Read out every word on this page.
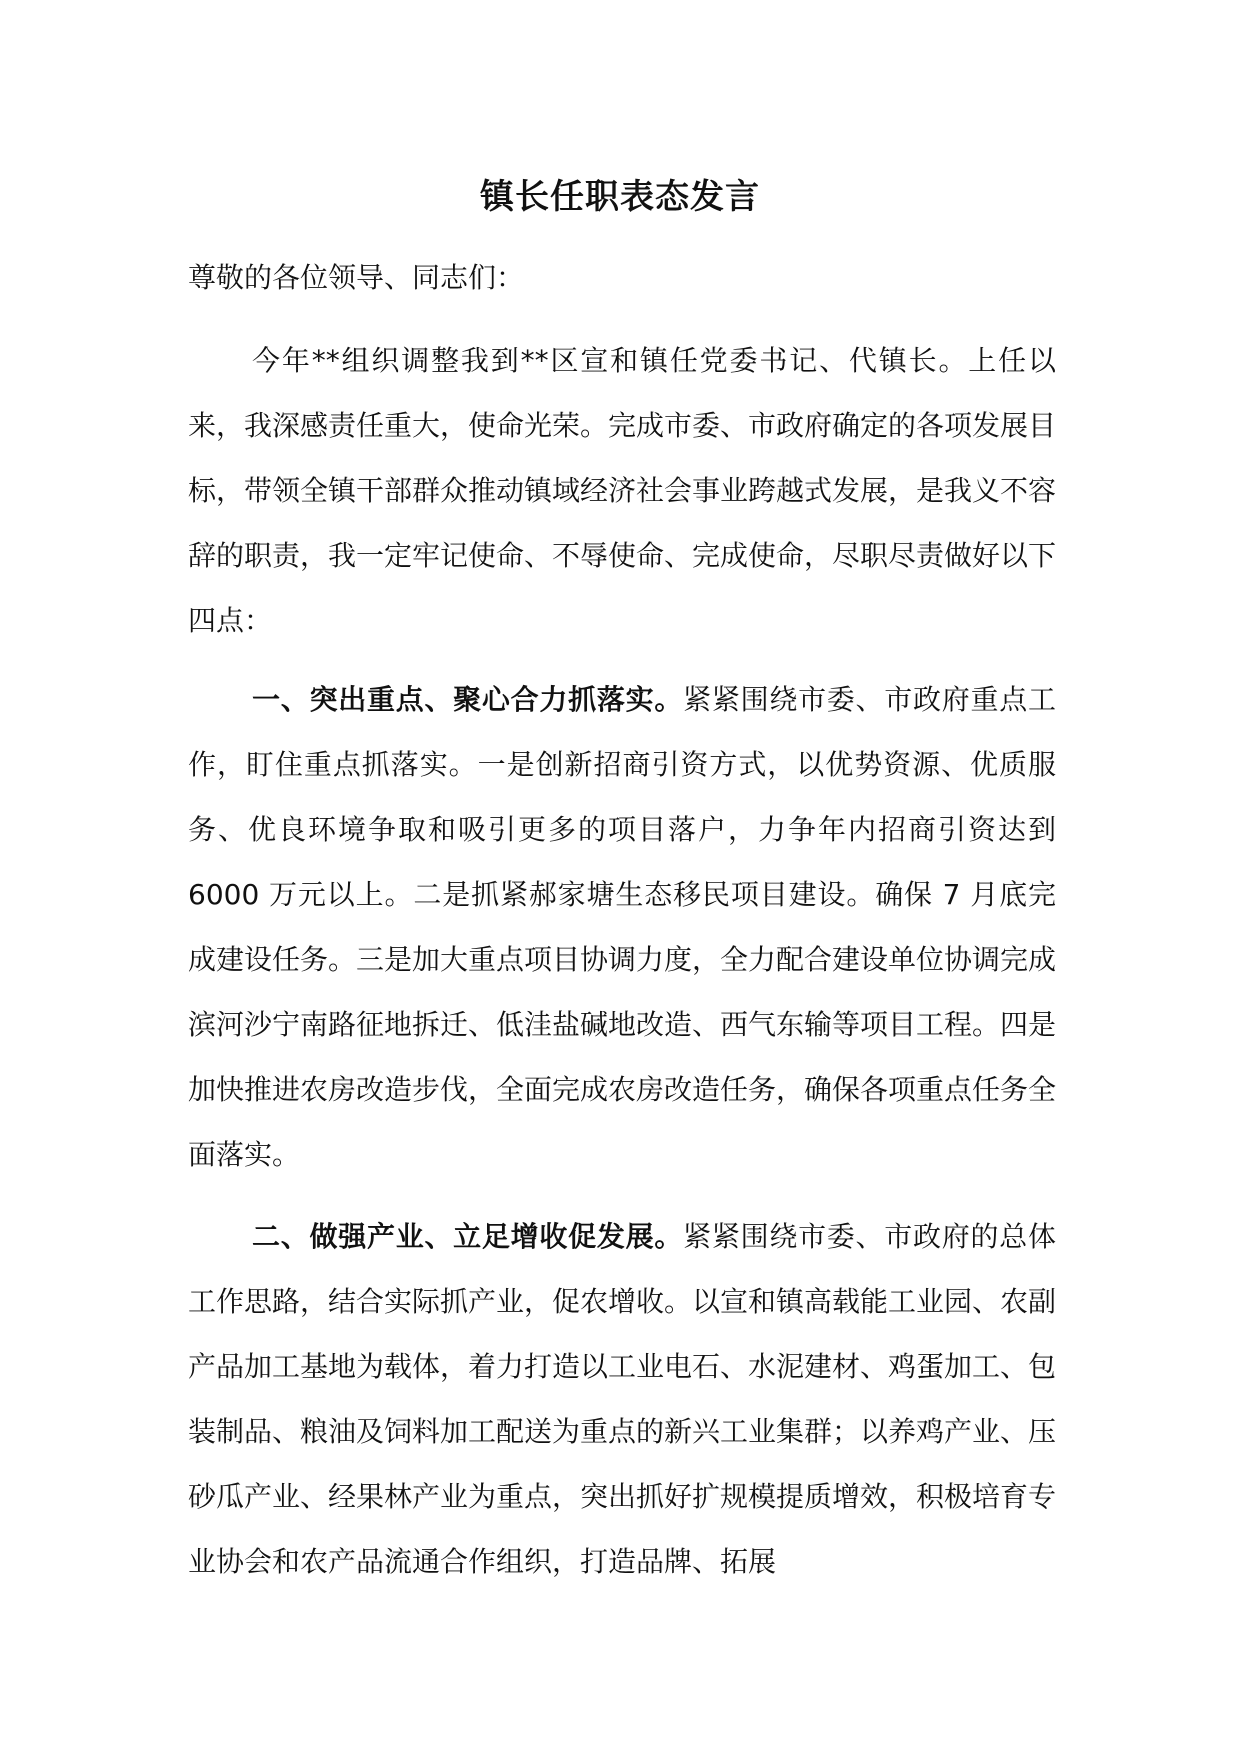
镇长任职表态发言
尊敬的各位领导、同志们：

今年**组织调整我到**区宣和镇任党委书记、代镇长。上任以来，我深感责任重大，使命光荣。完成市委、市政府确定的各项发展目标，带领全镇干部群众推动镇域经济社会事业跨越式发展，是我义不容辞的职责，我一定牢记使命、不辱使命、完成使命，尽职尽责做好以下四点：

一、突出重点、聚心合力抓落实。紧紧围绕市委、市政府重点工作，盯住重点抓落实。一是创新招商引资方式，以优势资源、优质服务、优良环境争取和吸引更多的项目落户，力争年内招商引资达到 6000 万元以上。二是抓紧郝家塘生态移民项目建设。确保 7 月底完成建设任务。三是加大重点项目协调力度，全力配合建设单位协调完成滨河沙宁南路征地拆迁、低洼盐碱地改造、西气东输等项目工程。四是加快推进农房改造步伐，全面完成农房改造任务，确保各项重点任务全面落实。

二、做强产业、立足增收促发展。紧紧围绕市委、市政府的总体工作思路，结合实际抓产业，促农增收。以宣和镇高载能工业园、农副产品加工基地为载体，着力打造以工业电石、水泥建材、鸡蛋加工、包装制品、粮油及饲料加工配送为重点的新兴工业集群；以养鸡产业、压砂瓜产业、经果林产业为重点，突出抓好扩规模提质增效，积极培育专业协会和农产品流通合作组织，打造品牌、拓展
